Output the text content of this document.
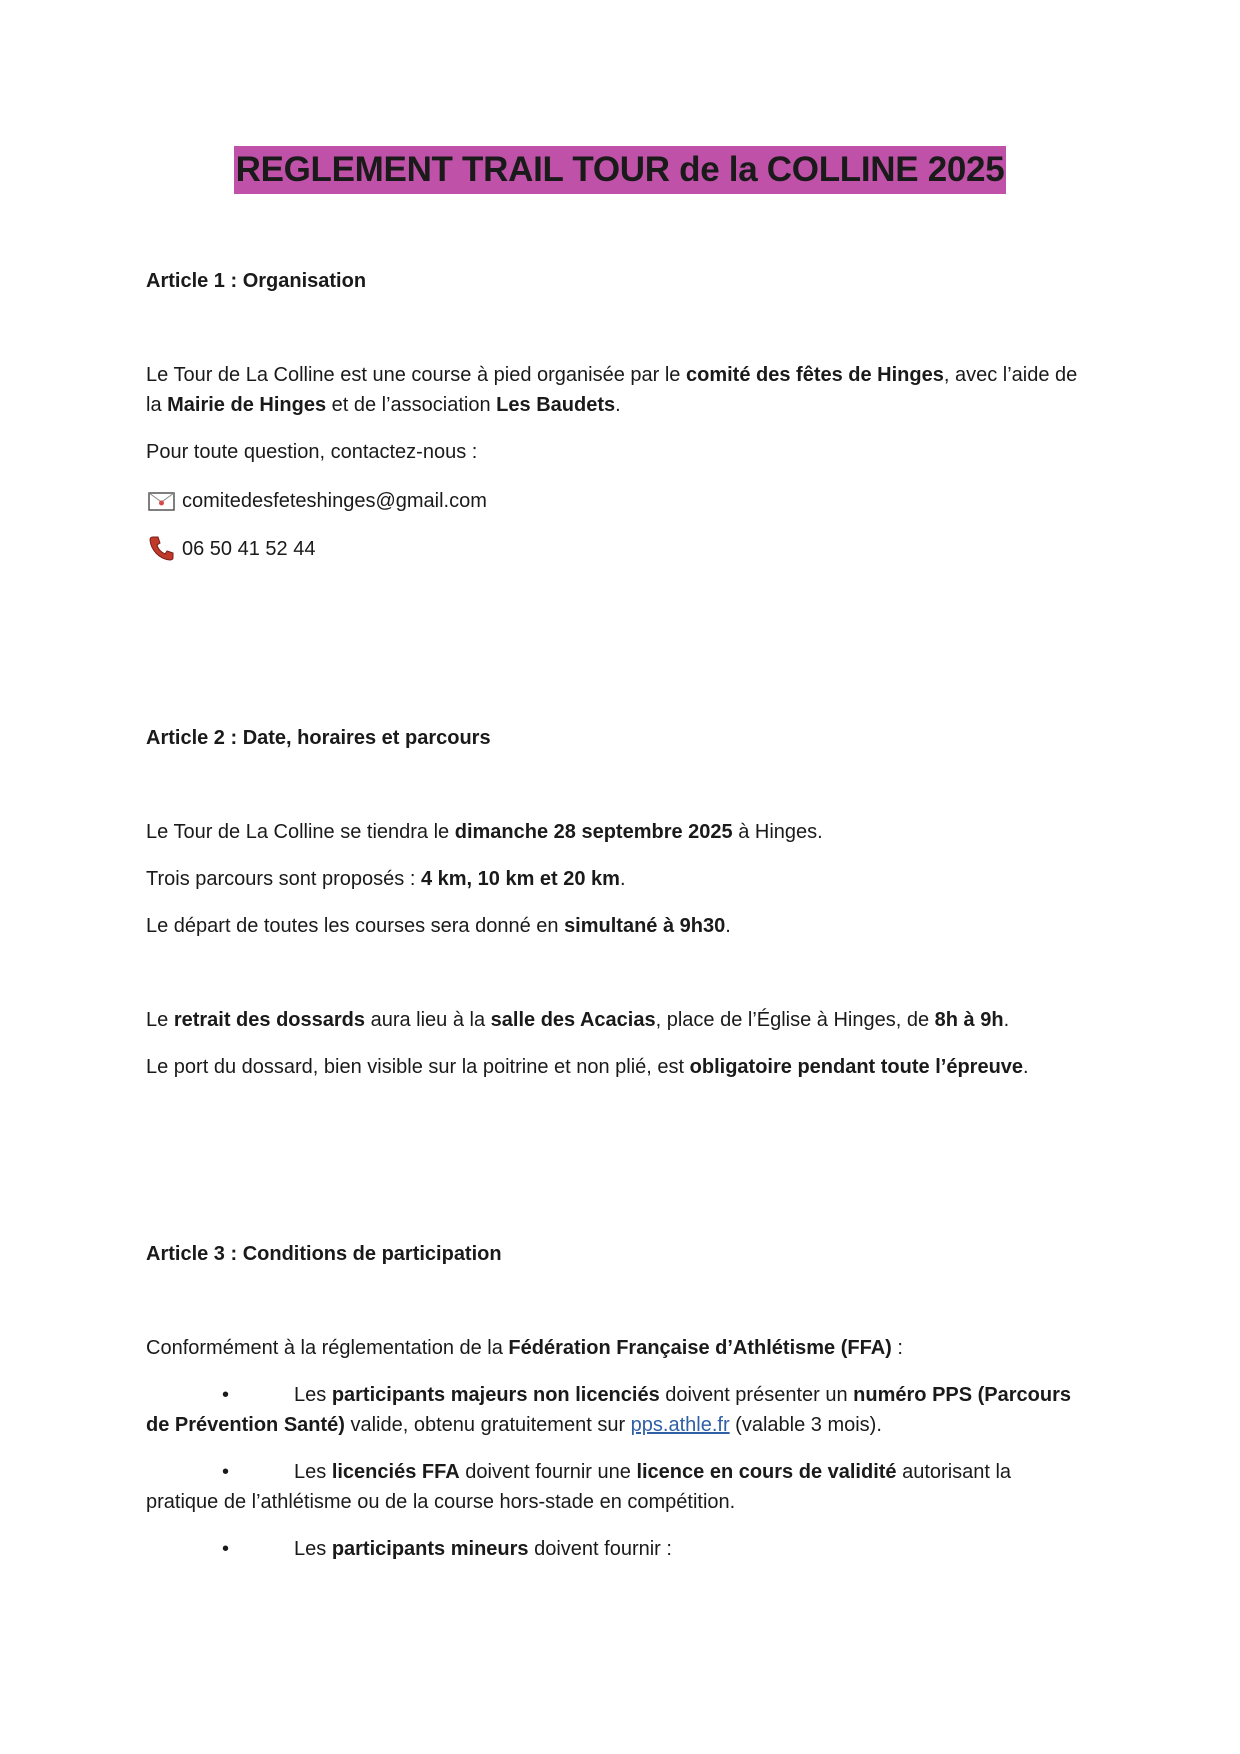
REGLEMENT TRAIL TOUR de la COLLINE 2025
Article 1 : Organisation
Le Tour de La Colline est une course à pied organisée par le comité des fêtes de Hinges, avec l’aide de
la Mairie de Hinges et de l’association Les Baudets.
Pour toute question, contactez-nous :
comitedesfeteshinges@gmail.com
06 50 41 52 44
Article 2 : Date, horaires et parcours
Le Tour de La Colline se tiendra le dimanche 28 septembre 2025 à Hinges.
Trois parcours sont proposés : 4 km, 10 km et 20 km.
Le départ de toutes les courses sera donné en simultané à 9h30.
Le retrait des dossards aura lieu à la salle des Acacias, place de l’Église à Hinges, de 8h à 9h.
Le port du dossard, bien visible sur la poitrine et non plié, est obligatoire pendant toute l’épreuve.
Article 3 : Conditions de participation
Conformément à la réglementation de la Fédération Française d’Athlétisme (FFA) :
•	Les participants majeurs non licenciés doivent présenter un numéro PPS (Parcours
de Prévention Santé) valide, obtenu gratuitement sur pps.athle.fr (valable 3 mois).
•	Les licenciés FFA doivent fournir une licence en cours de validité autorisant la
pratique de l’athlétisme ou de la course hors-stade en compétition.
•	Les participants mineurs doivent fournir :
